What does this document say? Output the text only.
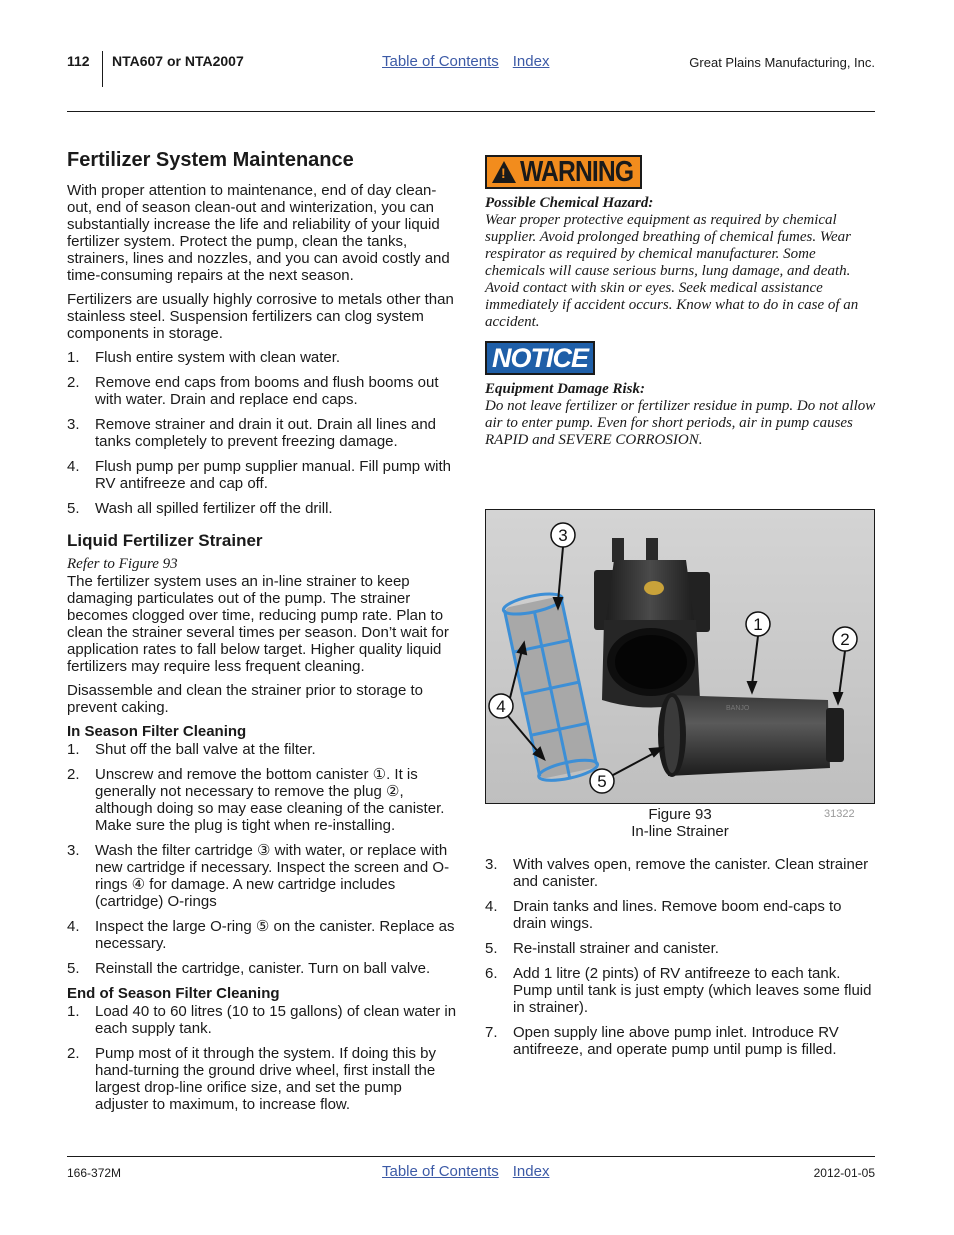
112 NTA607 or NTA2007	Table of Contents Index	Great Plains Manufacturing, Inc.
Fertilizer System Maintenance

With proper attention to maintenance, end of day clean-out, end of season clean-out and winterization, you can substantially increase the life and reliability of your liquid fertilizer system. Protect the pump, clean the tanks, strainers, lines and nozzles, and you can avoid costly and time-consuming repairs at the next season.

Fertilizers are usually highly corrosive to metals other than stainless steel. Suspension fertilizers can clog system components in storage.

1. Flush entire system with clean water.
2. Remove end caps from booms and flush booms out with water. Drain and replace end caps.
3. Remove strainer and drain it out. Drain all lines and tanks completely to prevent freezing damage.
4. Flush pump per pump supplier manual. Fill pump with RV antifreeze and cap off.
5. Wash all spilled fertilizer off the drill.
Liquid Fertilizer Strainer

Refer to Figure 93

The fertilizer system uses an in-line strainer to keep damaging particulates out of the pump. The strainer becomes clogged over time, reducing pump rate. Plan to clean the strainer several times per season. Don’t wait for application rates to fall below target. Higher quality liquid fertilizers may require less frequent cleaning.

Disassemble and clean the strainer prior to storage to prevent caking.

In Season Filter Cleaning
1. Shut off the ball valve at the filter.
2. Unscrew and remove the bottom canister ①. It is generally not necessary to remove the plug ②, although doing so may ease cleaning of the canister. Make sure the plug is tight when re-installing.
3. Wash the filter cartridge ③ with water, or replace with new cartridge if necessary. Inspect the screen and O-rings ④ for damage. A new cartridge includes (cartridge) O-rings
4. Inspect the large O-ring ⑤ on the canister. Replace as necessary.
5. Reinstall the cartridge, canister. Turn on ball valve.
End of Season Filter Cleaning
1. Load 40 to 60 litres (10 to 15 gallons) of clean water in each supply tank.
2. Pump most of it through the system. If doing this by hand-turning the ground drive wheel, first install the largest drop-line orifice size, and set the pump adjuster to maximum, to increase flow.
! WARNING

Possible Chemical Hazard:

Wear proper protective equipment as required by chemical supplier. Avoid prolonged breathing of chemical fumes. Wear respirator as required by chemical manufacturer. Some chemicals will cause serious burns, lung damage, and death. Avoid contact with skin or eyes. Seek medical assistance immediately if accident occurs. Know what to do in case of an accident.

NOTICE

Equipment Damage Risk:

Do not leave fertilizer or fertilizer residue in pump. Do not allow air to enter pump. Even for short periods, air in pump causes RAPID and SEVERE CORROSION.

BANJO
3
1
2
4
5
Figure 93
In-line Strainer
31322
3. With valves open, remove the canister. Clean strainer and canister.
4. Drain tanks and lines. Remove boom end-caps to drain wings.
5. Re-install strainer and canister.
6. Add 1 litre (2 pints) of RV antifreeze to each tank. Pump until tank is just empty (which leaves some fluid in strainer).
7. Open supply line above pump inlet. Introduce RV antifreeze, and operate pump until pump is filled.
166-372M	Table of Contents Index	2012-01-05
